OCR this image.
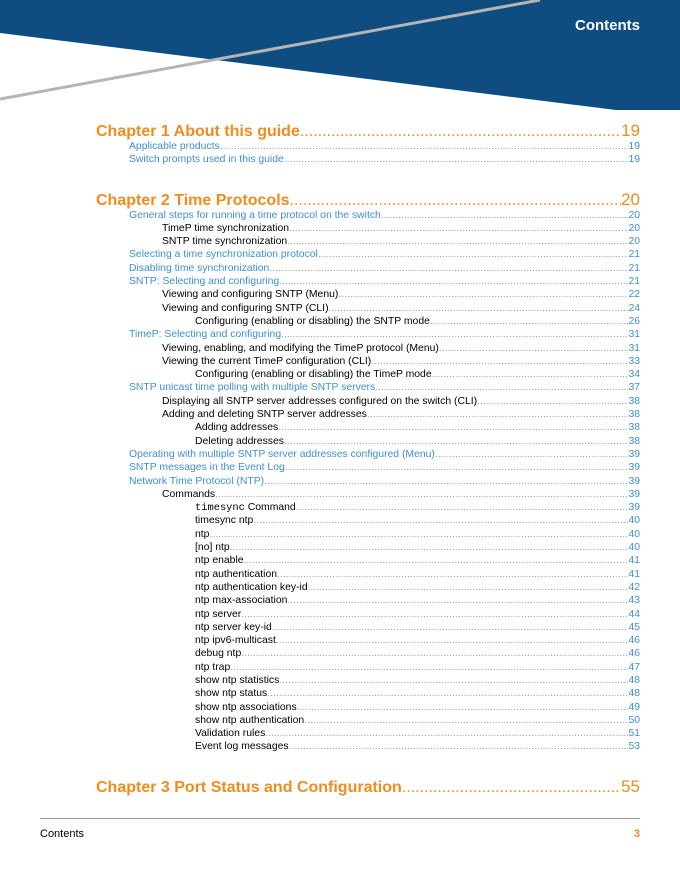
Contents
Chapter 1 About this guide .....	19
Applicable products .....	19
Switch prompts used in this guide .....	19
Chapter 2 Time Protocols .....	20
General steps for running a time protocol on the switch .....	20
TimeP time synchronization .....	20
SNTP time synchronization .....	20
Selecting a time synchronization protocol .....	21
Disabling time synchronization .....	21
SNTP: Selecting and configuring .....	21
Viewing and configuring SNTP (Menu) .....	22
Viewing and configuring SNTP (CLI) .....	24
Configuring (enabling or disabling) the SNTP mode .....	26
TimeP: Selecting and configuring .....	31
Viewing, enabling, and modifying the TimeP protocol (Menu) .....	31
Viewing the current TimeP configuration (CLI) .....	33
Configuring (enabling or disabling) the TimeP mode .....	34
SNTP unicast time polling with multiple SNTP servers .....	37
Displaying all SNTP server addresses configured on the switch (CLI) .....	38
Adding and deleting SNTP server addresses .....	38
Adding addresses .....	38
Deleting addresses .....	38
Operating with multiple SNTP server addresses configured (Menu) .....	39
SNTP messages in the Event Log .....	39
Network Time Protocol (NTP) .....	39
Commands .....	39
timesync Command .....	39
timesync ntp .....	40
ntp .....	40
[no] ntp .....	40
ntp enable .....	41
ntp authentication .....	41
ntp authentication key-id .....	42
ntp max-association .....	43
ntp server .....	44
ntp server key-id .....	45
ntp ipv6-multicast .....	46
debug ntp .....	46
ntp trap .....	47
show ntp statistics .....	48
show ntp status .....	48
show ntp associations .....	49
show ntp authentication .....	50
Validation rules .....	51
Event log messages .....	53
Chapter 3 Port Status and Configuration .....	55
Contents	3
